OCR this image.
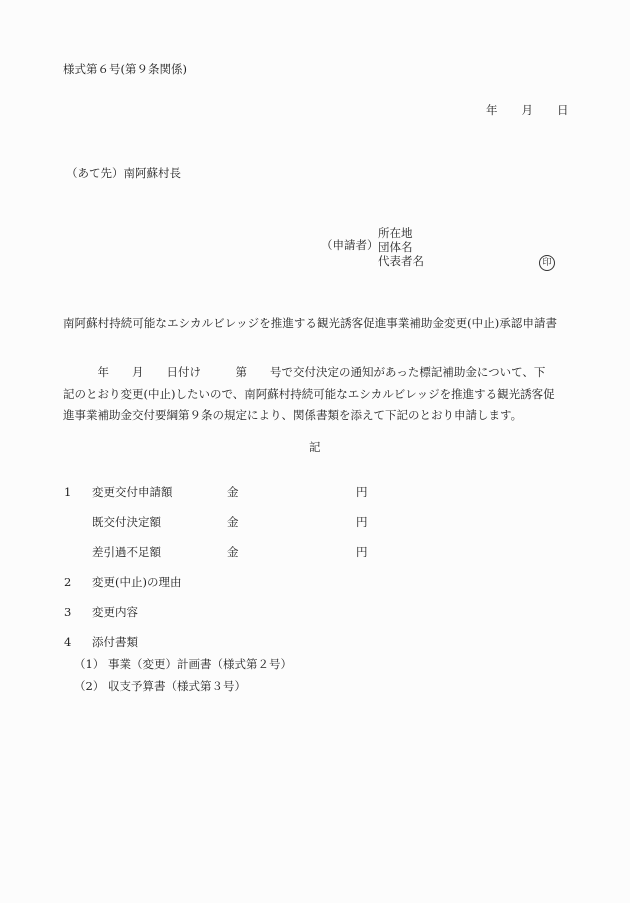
様式第６号(第９条関係)
年 月 日
（あて先）南阿蘇村長
（申請者）
所在地
団体名
代表者名	印
南阿蘇村持続可能なエシカルビレッジを推進する観光誘客促進事業補助金変更(中止)承認申請書
　　　年　　月　　日付け　　　第　　号で交付決定の通知があった標記補助金について、下
記のとおり変更(中止)したいので、南阿蘇村持続可能なエシカルビレッジを推進する観光誘客促
進事業補助金交付要綱第９条の規定により、関係書類を添えて下記のとおり申請します。
記
1 変更交付申請額	金	円
既交付決定額	金	円
差引過不足額	金	円
2 変更(中止)の理由
3 変更内容
4 添付書類
（1） 事業（変更）計画書（様式第２号）
（2） 収支予算書（様式第３号）
